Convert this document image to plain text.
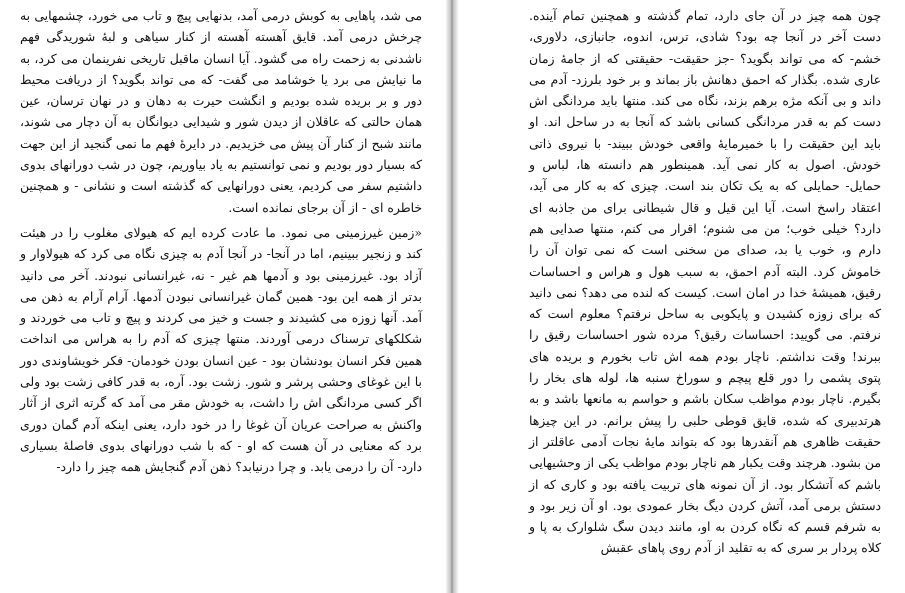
می شد، پاهایی به کوبش درمی آمد، بدنهایی پیچ و تاب می خورد، چشمهایی به چرخش درمی آمد. قایق آهسته آهسته از کنار سیاهی و لبهٔ شوریدگی فهم ناشدنی به زحمت راه می گشود. آیا انسان ماقبل تاریخی نفرینمان می کرد، به ما نیایش می برد یا خوشامد می گفت- که می تواند بگوید؟ از دریافت محیط دور و بر بریده شده بودیم و انگشت حیرت به دهان و در نهان ترسان، عین همان حالتی که عاقلان از دیدن شور و شیدایی دیوانگان به آن دچار می شوند، مانند شبح از کنار آن پیش می خزیدیم. در دایرهٔ فهم ما نمی گنجید از این جهت که بسیار دور بودیم و نمی توانستیم به یاد بیاوریم، چون در شب دورانهای بدوی داشتیم سفر می کردیم، یعنی دورانهایی که گذشته است و نشانی - و همچنین خاطره ای - از آن برجای نمانده است.

«زمین غیرزمینی می نمود. ما عادت کرده ایم که هیولای مغلوب را در هیئت کند و زنجیر ببینیم، اما در آنجا- در آنجا آدم به چیزی نگاه می کرد که هیولاوار و آزاد بود. غیرزمینی بود و آدمها هم غیر - نه، غیرانسانی نبودند. آخر می دانید بدتر از همه این بود- همین گمان غیرانسانی نبودن آدمها. آرام آرام به ذهن می آمد. آنها زوزه می کشیدند و جست و خیز می کردند و پیچ و تاب می خوردند و شکلکهای ترسناک درمی آوردند. منتها چیزی که آدم را به هراس می انداخت همین فکر انسان بودنشان بود - عین انسان بودن خودمان- فکر خویشاوندی دور با این غوغای وحشی پرشر و شور. زشت بود. آره، به قدر کافی زشت بود ولی اگر کسی مردانگی اش را داشت، به خودش مقر می آمد که گرته اثری از آثار واکنش به صراحت عریان آن غوغا را در خود دارد، یعنی اینکه آدم گمان دوری برد که معنایی در آن هست که او - که با شب دورانهای بدوی فاصلهٔ بسیاری دارد- آن را درمی یابد. و چرا درنیابد؟ ذهن آدم گنجایش همه چیز را دارد-

چون همه چیز در آن جای دارد، تمام گذشته و همچنین تمام آینده. دست آخر در آنجا چه بود؟ شادی، ترس، اندوه، جانبازی، دلاوری، خشم- که می تواند بگوید؟ -جز حقیقت- حقیقتی که از جامهٔ زمان عاری شده. بگذار که احمق دهانش باز بماند و بر خود بلرزد- آدم می داند و بی آنکه مژه برهم بزند، نگاه می کند. منتها باید مردانگی اش دست کم به قدر مردانگی کسانی باشد که آنجا به در ساحل اند. او باید این حقیقت را با خمیرمایهٔ واقعی خودش ببیند- با نیروی ذاتی خودش. اصول به کار نمی آید. همینطور هم دانسته ها، لباس و حمایل- حمایلی که به یک تکان بند است. چیزی که به کار می آید، اعتقاد راسخ است. آیا این قیل و قال شیطانی برای من جاذبه ای دارد؟ خیلی خوب؛ من می شنوم؛ اقرار می کنم، منتها صدایی هم دارم و، خوب یا بد، صدای من سخنی است که نمی توان آن را خاموش کرد. البته آدم احمق، به سبب هول و هراس و احساسات رقیق، همیشهٔ خدا در امان است. کیست که لنده می دهد؟ نمی دانید که برای زوزه کشیدن و پایکوبی به ساحل نرفتم؟ معلوم است که نرفتم. می گویید: احساسات رقیق؟ مرده شور احساسات رقیق را ببرند! وقت نداشتم. ناچار بودم همه اش تاب بخورم و بریده های پتوی پشمی را دور قلع پیچم و سوراخ سنبه ها، لوله های بخار را بگیرم. ناچار بودم مواظب سکان باشم و حواسم به مانعها باشد و به هرتدبیری که شده، قایق قوطی حلبی را پیش برانم. در این چیزها حقیقت ظاهری هم آنقدرها بود که بتواند مایهٔ نجات آدمی عاقلتر از من بشود. هرچند وقت یکبار هم ناچار بودم مواظب یکی از وحشیهایی باشم که آتشکار بود. از آن نمونه های تربیت یافته بود و کاری که از دستش برمی آمد، آتش کردن دیگ بخار عمودی بود. او آن زیر بود و به شرفم قسم که نگاه کردن به او، مانند دیدن سگ شلوارک به پا و کلاه پردار بر سری که به تقلید از آدم روی پاهای عقبش
